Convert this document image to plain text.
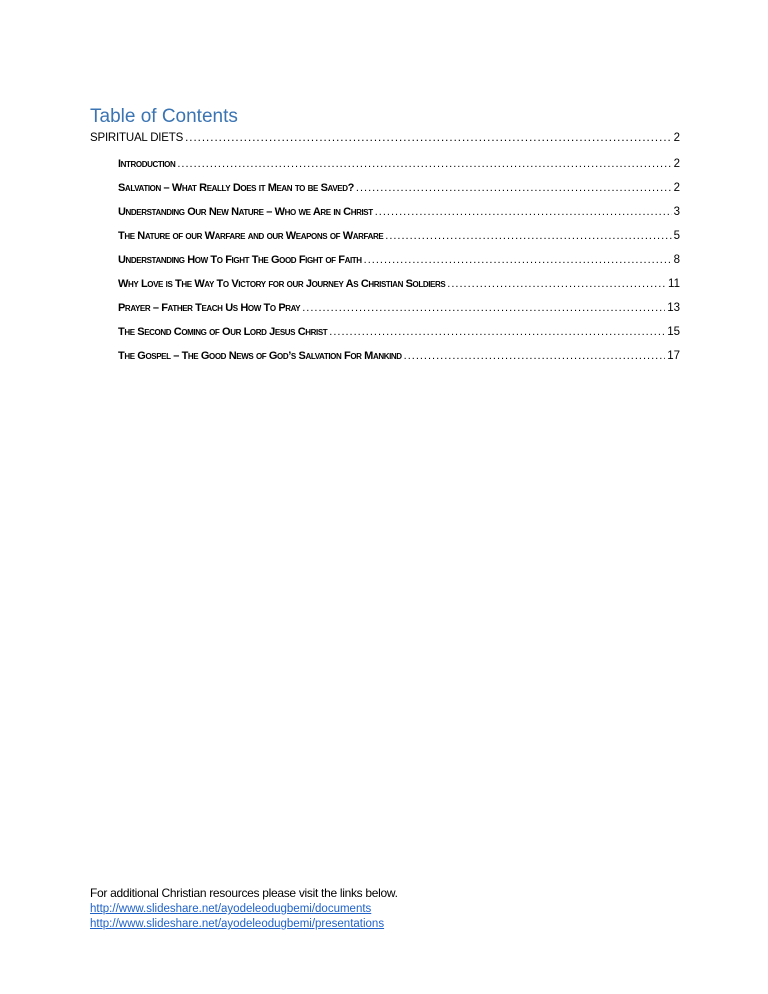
Table of Contents
SPIRITUAL DIETS .....	2
Introduction .....	2
Salvation – What Really Does it Mean to be Saved? .....	2
Understanding Our New Nature – Who we Are in Christ .....	3
The Nature of our Warfare and our Weapons of Warfare .....	5
Understanding How To Fight The Good Fight of Faith .....	8
Why Love is The Way To Victory for our Journey As Christian Soldiers .....	11
Prayer – Father Teach Us How To Pray .....	13
The Second Coming of Our Lord Jesus Christ .....	15
The Gospel – The Good News of God’s Salvation For Mankind .....	17
For additional Christian resources please visit the links below.
http://www.slideshare.net/ayodeleodugbemi/documents
http://www.slideshare.net/ayodeleodugbemi/presentations
